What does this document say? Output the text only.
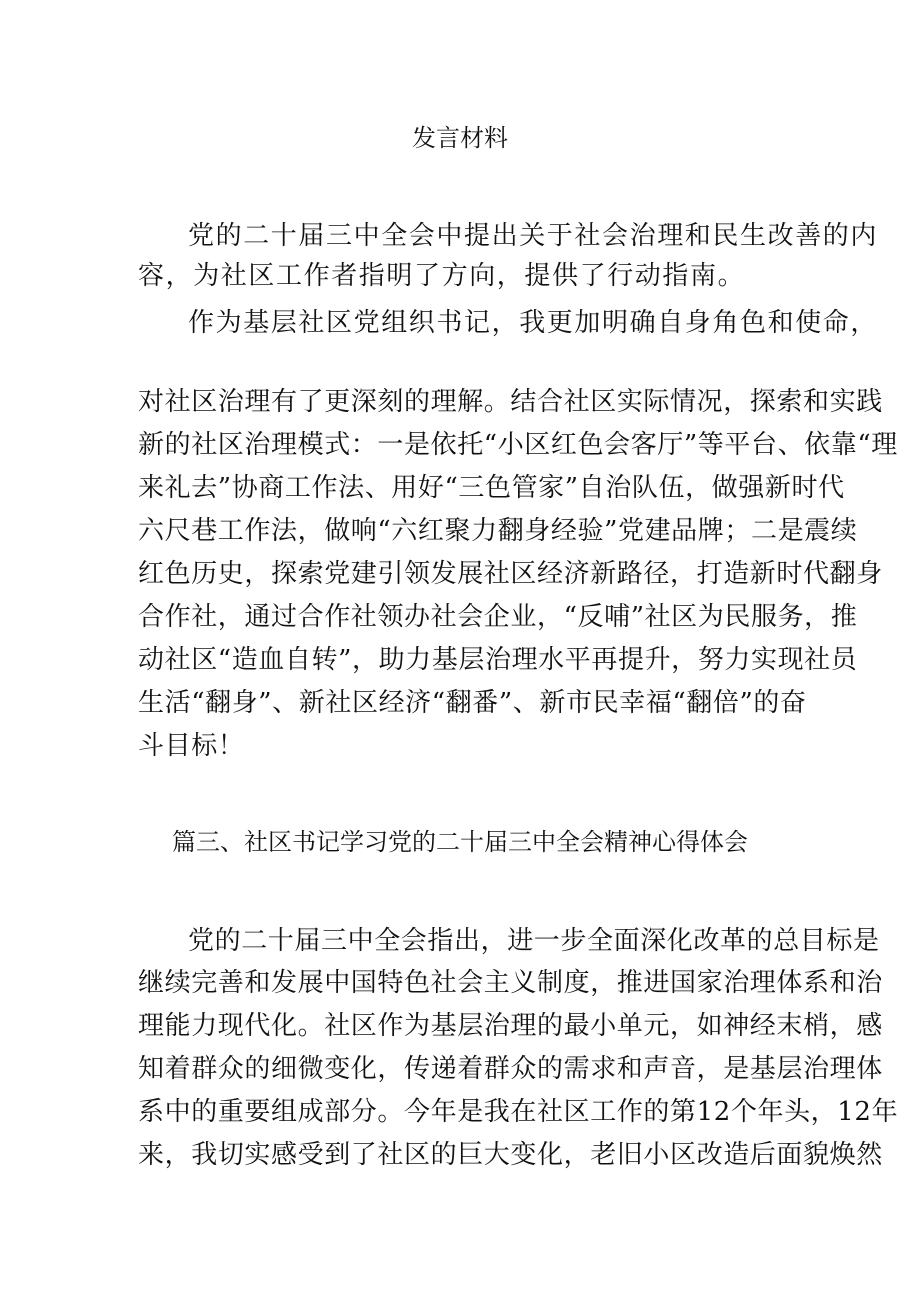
发言材料
党的二十届三中全会中提出关于社会治理和民生改善的内
容，为社区工作者指明了方向，提供了行动指南。
作为基层社区党组织书记，我更加明确自身角色和使命，
对社区治理有了更深刻的理解。结合社区实际情况，探索和实践
新的社区治理模式：一是依托“小区红色会客厅”等平台、依靠“理
来礼去”协商工作法、用好“三色管家”自治队伍，做强新时代
六尺巷工作法，做响“六红聚力翻身经验”党建品牌；二是震续
红色历史，探索党建引领发展社区经济新路径，打造新时代翻身
合作社，通过合作社领办社会企业，“反哺”社区为民服务，推
动社区“造血自转”，助力基层治理水平再提升，努力实现社员
生活“翻身”、新社区经济“翻番”、新市民幸福“翻倍”的奋
斗目标！
篇三、社区书记学习党的二十届三中全会精神心得体会
党的二十届三中全会指出，进一步全面深化改革的总目标是
继续完善和发展中国特色社会主义制度，推进国家治理体系和治
理能力现代化。社区作为基层治理的最小单元，如神经末梢，感
知着群众的细微变化，传递着群众的需求和声音，是基层治理体
系中的重要组成部分。今年是我在社区工作的第12个年头，12年
来，我切实感受到了社区的巨大变化，老旧小区改造后面貌焕然
